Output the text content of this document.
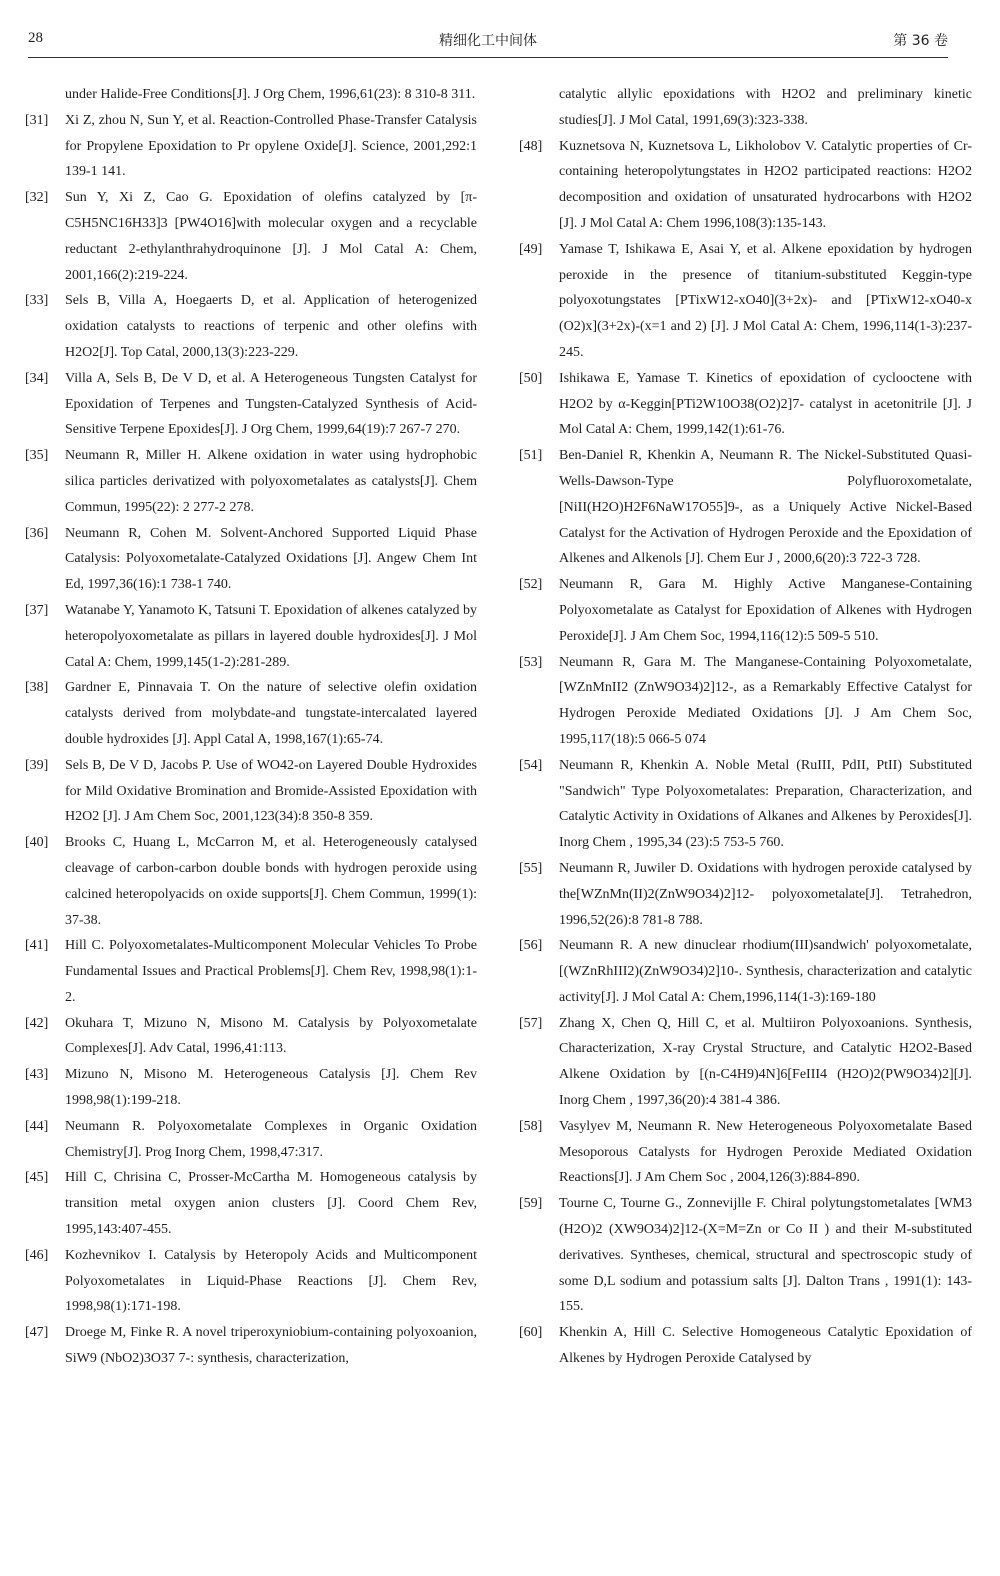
28	精细化工中间体	第 36 卷
under Halide-Free Conditions[J]. J Org Chem, 1996,61(23): 8 310-8 311.
[31] Xi Z, zhou N, Sun Y, et al. Reaction-Controlled Phase-Transfer Catalysis for Propylene Epoxidation to Pr opylene Oxide[J]. Science, 2001,292:1 139-1 141.
[32] Sun Y, Xi Z, Cao G. Epoxidation of olefins catalyzed by [π-C5H5NC16H33]3 [PW4O16]with molecular oxygen and a recyclable reductant 2-ethylanthrahydroquinone [J]. J Mol Catal A: Chem, 2001,166(2):219-224.
[33] Sels B, Villa A, Hoegaerts D, et al. Application of heterogenized oxidation catalysts to reactions of terpenic and other olefins with H2O2[J]. Top Catal, 2000,13(3):223-229.
[34] Villa A, Sels B, De V D, et al. A Heterogeneous Tungsten Catalyst for Epoxidation of Terpenes and Tungsten-Catalyzed Synthesis of Acid-Sensitive Terpene Epoxides[J]. J Org Chem, 1999,64(19):7 267-7 270.
[35] Neumann R, Miller H. Alkene oxidation in water using hydrophobic silica particles derivatized with polyoxometalates as catalysts[J]. Chem Commun, 1995(22): 2 277-2 278.
[36] Neumann R, Cohen M. Solvent-Anchored Supported Liquid Phase Catalysis: Polyoxometalate-Catalyzed Oxidations [J]. Angew Chem Int Ed, 1997,36(16):1 738-1 740.
[37] Watanabe Y, Yanamoto K, Tatsuni T. Epoxidation of alkenes catalyzed by heteropolyoxometalate as pillars in layered double hydroxides[J]. J Mol Catal A: Chem, 1999,145(1-2):281-289.
[38] Gardner E, Pinnavaia T. On the nature of selective olefin oxidation catalysts derived from molybdate-and tungstate-intercalated layered double hydroxides [J]. Appl Catal A, 1998,167(1):65-74.
[39] Sels B, De V D, Jacobs P. Use of WO42-on Layered Double Hydroxides for Mild Oxidative Bromination and Bromide-Assisted Epoxidation with H2O2 [J]. J Am Chem Soc, 2001,123(34):8 350-8 359.
[40] Brooks C, Huang L, McCarron M, et al. Heterogeneously catalysed cleavage of carbon-carbon double bonds with hydrogen peroxide using calcined heteropolyacids on oxide supports[J]. Chem Commun, 1999(1): 37-38.
[41] Hill C. Polyoxometalates-Multicomponent Molecular Vehicles To Probe Fundamental Issues and Practical Problems[J]. Chem Rev, 1998,98(1):1-2.
[42] Okuhara T, Mizuno N, Misono M. Catalysis by Polyoxometalate Complexes[J]. Adv Catal, 1996,41:113.
[43] Mizuno N, Misono M. Heterogeneous Catalysis [J]. Chem Rev 1998,98(1):199-218.
[44] Neumann R. Polyoxometalate Complexes in Organic Oxidation Chemistry[J]. Prog Inorg Chem, 1998,47:317.
[45] Hill C, Chrisina C, Prosser-McCartha M. Homogeneous catalysis by transition metal oxygen anion clusters [J]. Coord Chem Rev, 1995,143:407-455.
[46] Kozhevnikov I. Catalysis by Heteropoly Acids and Multicomponent Polyoxometalates in Liquid-Phase Reactions [J]. Chem Rev, 1998,98(1):171-198.
[47] Droege M, Finke R. A novel triperoxyniobium-containing polyoxoanion, SiW9 (NbO2)3O37 7-: synthesis, characterization,
catalytic allylic epoxidations with H2O2 and preliminary kinetic studies[J]. J Mol Catal, 1991,69(3):323-338.
[48] Kuznetsova N, Kuznetsova L, Likholobov V. Catalytic properties of Cr-containing heteropolytungstates in H2O2 participated reactions: H2O2 decomposition and oxidation of unsaturated hydrocarbons with H2O2 [J]. J Mol Catal A: Chem 1996,108(3):135-143.
[49] Yamase T, Ishikawa E, Asai Y, et al. Alkene epoxidation by hydrogen peroxide in the presence of titanium-substituted Keggin-type polyoxotungstates [PTixW12-xO40](3+2x)- and [PTixW12-xO40-x (O2)x](3+2x)-(x=1 and 2) [J]. J Mol Catal A: Chem, 1996,114(1-3):237-245.
[50] Ishikawa E, Yamase T. Kinetics of epoxidation of cyclooctene with H2O2 by α-Keggin[PTi2W10O38(O2)2]7- catalyst in acetonitrile [J]. J Mol Catal A: Chem, 1999,142(1):61-76.
[51] Ben-Daniel R, Khenkin A, Neumann R. The Nickel-Substituted Quasi-Wells-Dawson-Type Polyfluoroxometalate, [NiII(H2O)H2F6NaW17O55]9-, as a Uniquely Active Nickel-Based Catalyst for the Activation of Hydrogen Peroxide and the Epoxidation of Alkenes and Alkenols [J]. Chem Eur J , 2000,6(20):3 722-3 728.
[52] Neumann R, Gara M. Highly Active Manganese-Containing Polyoxometalate as Catalyst for Epoxidation of Alkenes with Hydrogen Peroxide[J]. J Am Chem Soc, 1994,116(12):5 509-5 510.
[53] Neumann R, Gara M. The Manganese-Containing Polyoxometalate, [WZnMnII2 (ZnW9O34)2]12-, as a Remarkably Effective Catalyst for Hydrogen Peroxide Mediated Oxidations [J]. J Am Chem Soc, 1995,117(18):5 066-5 074
[54] Neumann R, Khenkin A. Noble Metal (RuIII, PdII, PtII) Substituted "Sandwich" Type Polyoxometalates: Preparation, Characterization, and Catalytic Activity in Oxidations of Alkanes and Alkenes by Peroxides[J]. Inorg Chem , 1995,34 (23):5 753-5 760.
[55] Neumann R, Juwiler D. Oxidations with hydrogen peroxide catalysed by the[WZnMn(II)2(ZnW9O34)2]12- polyoxometalate[J]. Tetrahedron, 1996,52(26):8 781-8 788.
[56] Neumann R. A new dinuclear rhodium(III)sandwich' polyoxometalate,[(WZnRhIII2)(ZnW9O34)2]10-. Synthesis, characterization and catalytic activity[J]. J Mol Catal A: Chem,1996,114(1-3):169-180
[57] Zhang X, Chen Q, Hill C, et al. Multiiron Polyoxoanions. Synthesis, Characterization, X-ray Crystal Structure, and Catalytic H2O2-Based Alkene Oxidation by [(n-C4H9)4N]6[FeIII4 (H2O)2(PW9O34)2][J]. Inorg Chem , 1997,36(20):4 381-4 386.
[58] Vasylyev M, Neumann R. New Heterogeneous Polyoxometalate Based Mesoporous Catalysts for Hydrogen Peroxide Mediated Oxidation Reactions[J]. J Am Chem Soc , 2004,126(3):884-890.
[59] Tourne C, Tourne G., Zonnevijlle F. Chiral polytungstometalates [WM3 (H2O)2 (XW9O34)2]12-(X=M=Zn or Co II ) and their M-substituted derivatives. Syntheses, chemical, structural and spectroscopic study of some D,L sodium and potassium salts [J]. Dalton Trans , 1991(1): 143-155.
[60] Khenkin A, Hill C. Selective Homogeneous Catalytic Epoxidation of Alkenes by Hydrogen Peroxide Catalysed by
